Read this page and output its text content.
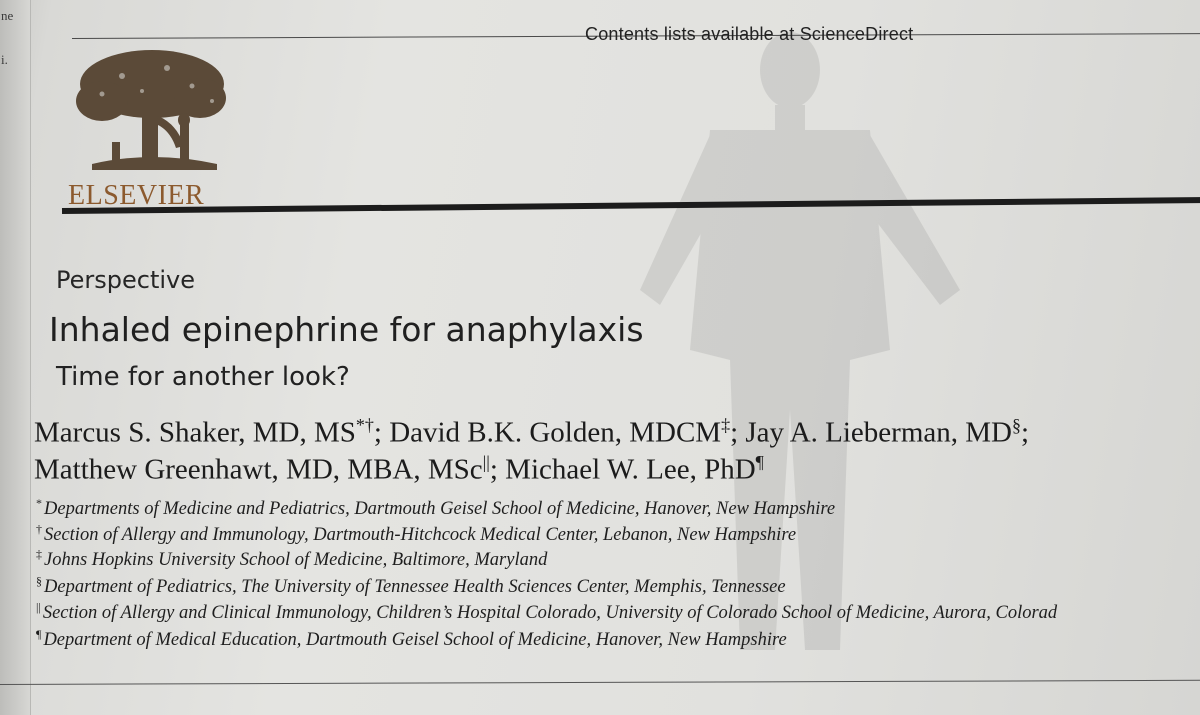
ne
i.
Contents lists available at ScienceDirect
ELSEVIER
Perspective
Inhaled epinephrine for anaphylaxis
Time for another look?
Marcus S. Shaker, MD, MS*†; David B.K. Golden, MDCM‡; Jay A. Lieberman, MD§;
Matthew Greenhawt, MD, MBA, MSc||; Michael W. Lee, PhD¶
* Departments of Medicine and Pediatrics, Dartmouth Geisel School of Medicine, Hanover, New Hampshire
† Section of Allergy and Immunology, Dartmouth-Hitchcock Medical Center, Lebanon, New Hampshire
‡ Johns Hopkins University School of Medicine, Baltimore, Maryland
§ Department of Pediatrics, The University of Tennessee Health Sciences Center, Memphis, Tennessee
|| Section of Allergy and Clinical Immunology, Children’s Hospital Colorado, University of Colorado School of Medicine, Aurora, Colorad
¶ Department of Medical Education, Dartmouth Geisel School of Medicine, Hanover, New Hampshire
